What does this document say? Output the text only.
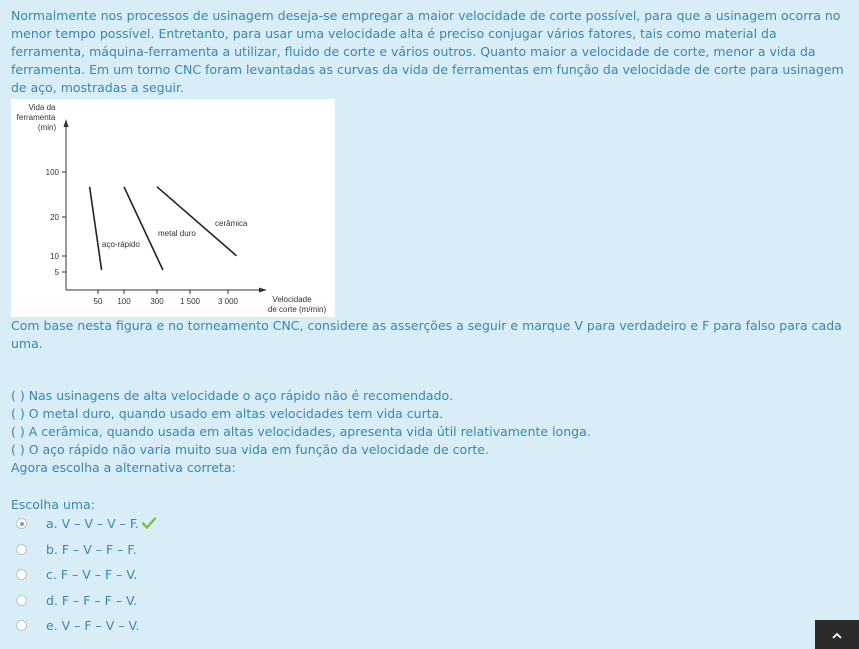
Normalmente nos processos de usinagem deseja-se empregar a maior velocidade de corte possível, para que a usinagem ocorra no menor tempo possível. Entretanto, para usar uma velocidade alta é preciso conjugar vários fatores, tais como material da ferramenta, máquina-ferramenta a utilizar, fluido de corte e vários outros. Quanto maior a velocidade de corte, menor a vida da ferramenta. Em um torno CNC foram levantadas as curvas da vida de ferramentas em função da velocidade de corte para usinagem de aço, mostradas a seguir.

Vida da
ferramenta
(min)
Velocidade
de corte (m/min)
50 100 300 1 500 3 000
100
20
10
5
aço-rápido
metal duro
cerâmica

Com base nesta figura e no torneamento CNC, considere as asserções a seguir e marque V para verdadeiro e F para falso para cada uma.

( ) Nas usinagens de alta velocidade o aço rápido não é recomendado.
( ) O metal duro, quando usado em altas velocidades tem vida curta.
( ) A cerâmica, quando usada em altas velocidades, apresenta vida útil relativamente longa.
( ) O aço rápido não varia muito sua vida em função da velocidade de corte.
Agora escolha a alternativa correta:
Escolha uma:
a. V – V – V – F.
b. F – V – F – F.
c. F – V – F – V.
d. F – F – F – V.
e. V – F – V – V.
